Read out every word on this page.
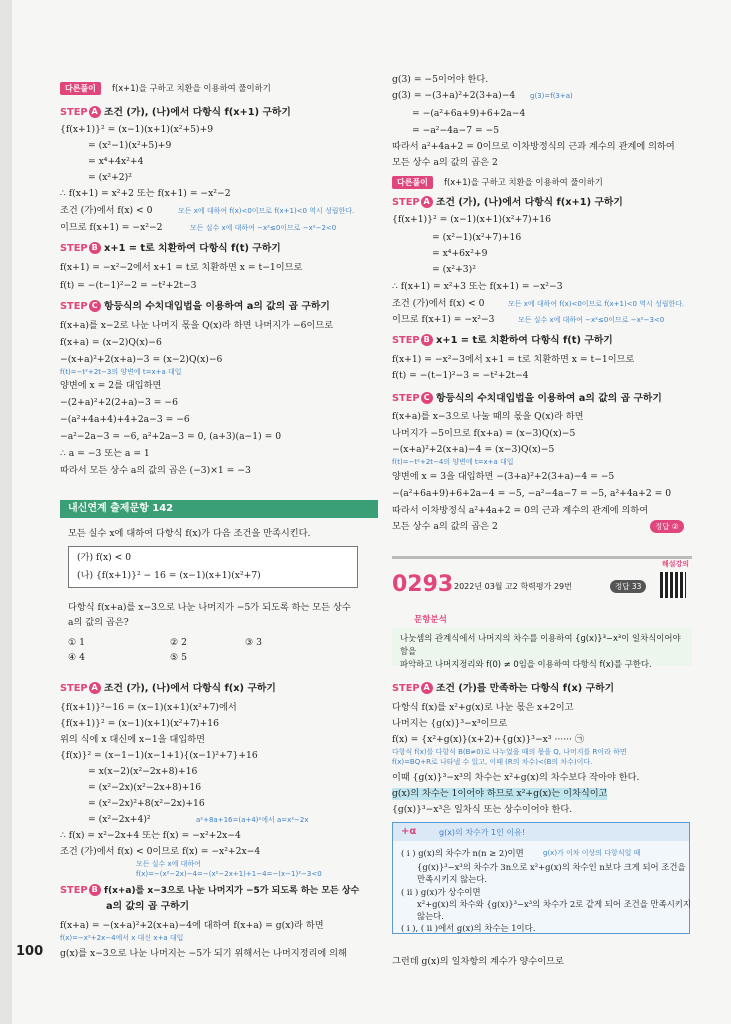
다른풀이	f(x+1)을 구하고 치환을 이용하여 풀이하기
STEP A 조건 (가), (나)에서 다항식 f(x+1) 구하기
{f(x+1)}² = (x−1)(x+1)(x²+5)+9
= (x²−1)(x²+5)+9
= x⁴+4x²+4
= (x²+2)²
∴ f(x+1) = x²+2 또는 f(x+1) = −x²−2
조건 (가)에서 f(x) < 0	모든 x에 대하여 f(x)<0이므로 f(x+1)<0 역시 성립한다.
이므로 f(x+1) = −x²−2	모든 실수 x에 대하여 −x²≤0이므로 −x²−2<0
STEP B x+1 = t로 치환하여 다항식 f(t) 구하기
f(x+1) = −x²−2에서 x+1 = t로 치환하면 x = t−1이므로
f(t) = −(t−1)²−2 = −t²+2t−3
STEP C 항등식의 수치대입법을 이용하여 a의 값의 곱 구하기
f(x+a)를 x−2로 나눈 나머지 몫을 Q(x)라 하면 나머지가 −6이므로
f(x+a) = (x−2)Q(x)−6
−(x+a)²+2(x+a)−3 = (x−2)Q(x)−6
f(t)=−t²+2t−3의 양변에 t=x+a 대입
양변에 x = 2를 대입하면
−(2+a)²+2(2+a)−3 = −6
−(a²+4a+4)+4+2a−3 = −6
−a²−2a−3 = −6, a²+2a−3 = 0, (a+3)(a−1) = 0
∴ a = −3 또는 a = 1
따라서 모든 상수 a의 값의 곱은 (−3)×1 = −3
내신연계 출제문항 142
모든 실수 x에 대하여 다항식 f(x)가 다음 조건을 만족시킨다.
(가) f(x) < 0
(나) {f(x+1)}² − 16 = (x−1)(x+1)(x²+7)
다항식 f(x+a)를 x−3으로 나눈 나머지가 −5가 되도록 하는 모든 상수
a의 값의 곱은?
① 1	② 2	③ 3
④ 4	⑤ 5
STEP A 조건 (가), (나)에서 다항식 f(x) 구하기
{f(x+1)}²−16 = (x−1)(x+1)(x²+7)에서
{f(x+1)}² = (x−1)(x+1)(x²+7)+16
위의 식에 x 대신에 x−1을 대입하면
{f(x)}² = (x−1−1)(x−1+1){(x−1)²+7}+16
= x(x−2)(x²−2x+8)+16
= (x²−2x)(x²−2x+8)+16
= (x²−2x)²+8(x²−2x)+16
= (x²−2x+4)²	a²+8a+16=(a+4)²에서 a=x²−2x
∴ f(x) = x²−2x+4 또는 f(x) = −x²+2x−4
조건 (가)에서 f(x) < 0이므로 f(x) = −x²+2x−4
모든 실수 x에 대하여
f(x)=−(x²−2x)−4=−(x²−2x+1)+1−4=−(x−1)²−3<0
STEP B f(x+a)를 x−3으로 나눈 나머지가 −5가 되도록 하는 모든 상수
a의 값의 곱 구하기
f(x+a) = −(x+a)²+2(x+a)−4에 대하여 f(x+a) = g(x)라 하면
f(x)=−x²+2x−4에서 x 대신 x+a 대입
g(x)를 x−3으로 나눈 나머지는 −5가 되기 위해서는 나머지정리에 의해
100
g(3) = −5이어야 한다.
g(3) = −(3+a)²+2(3+a)−4 g(3)=f(3+a)
= −(a²+6a+9)+6+2a−4
= −a²−4a−7 = −5
따라서 a²+4a+2 = 0이므로 이차방정식의 근과 계수의 관계에 의하여
모든 상수 a의 값의 곱은 2
다른풀이	f(x+1)을 구하고 치환을 이용하여 풀이하기
STEP A 조건 (가), (나)에서 다항식 f(x+1) 구하기
{f(x+1)}² = (x−1)(x+1)(x²+7)+16
= (x²−1)(x²+7)+16
= x⁴+6x²+9
= (x²+3)²
∴ f(x+1) = x²+3 또는 f(x+1) = −x²−3
조건 (가)에서 f(x) < 0	모든 x에 대하여 f(x)<0이므로 f(x+1)<0 역시 성립한다.
이므로 f(x+1) = −x²−3	모든 실수 x에 대하여 −x²≤0이므로 −x²−3<0
STEP B x+1 = t로 치환하여 다항식 f(t) 구하기
f(x+1) = −x²−3에서 x+1 = t로 치환하면 x = t−1이므로
f(t) = −(t−1)²−3 = −t²+2t−4
STEP C 항등식의 수치대입법을 이용하여 a의 값의 곱 구하기
f(x+a)를 x−3으로 나눌 때의 몫을 Q(x)라 하면
나머지가 −5이므로 f(x+a) = (x−3)Q(x)−5
−(x+a)²+2(x+a)−4 = (x−3)Q(x)−5
f(t)=−t²+2t−4의 양변에 t=x+a 대입
양변에 x = 3을 대입하면 −(3+a)²+2(3+a)−4 = −5
−(a²+6a+9)+6+2a−4 = −5, −a²−4a−7 = −5, a²+4a+2 = 0
따라서 이차방정식 a²+4a+2 = 0의 근과 계수의 관계에 의하여
모든 상수 a의 값의 곱은 2	정답 ②
해설강의
0293 2022년 03월 고2 학력평가 29번	정답 33
문항분석
나눗셈의 관계식에서 나머지의 차수를 이용하여 {g(x)}³−x³이 일차식이어야 함을
파악하고 나머지정리와 f(0) ≠ 0임을 이용하여 다항식 f(x)를 구한다.
STEP A 조건 (가)를 만족하는 다항식 f(x) 구하기
다항식 f(x)를 x²+g(x)로 나눈 몫은 x+2이고
나머지는 {g(x)}³−x³이므로
f(x) = {x²+g(x)}(x+2)+{g(x)}³−x³ ······ ㉠
다항식 f(x)를 다항식 B(B≠0)로 나누었을 때의 몫을 Q, 나머지를 R이라 하면
f(x)=BQ+R로 나타낼 수 있고, 이때 (R의 차수)<(B의 차수)이다.
이때 {g(x)}³−x³의 차수는 x²+g(x)의 차수보다 작아야 한다.
g(x)의 차수는 1이어야 하므로 x²+g(x)는 이차식이고
{g(x)}³−x³은 일차식 또는 상수이어야 한다.
+α	g(x)의 차수가 1인 이유!
( i ) g(x)의 차수가 n(n ≥ 2)이면	g(x)가 이차 이상의 다항식일 때
{g(x)}³−x³의 차수가 3n으로 x²+g(x)의 차수인 n보다 크게 되어 조건을
만족시키지 않는다.
( ii ) g(x)가 상수이면
x²+g(x)의 차수와 {g(x)}³−x³의 차수가 2로 같게 되어 조건을 만족시키지
않는다.
( i ), ( ii )에서 g(x)의 차수는 1이다.
그런데 g(x)의 일차항의 계수가 양수이므로
